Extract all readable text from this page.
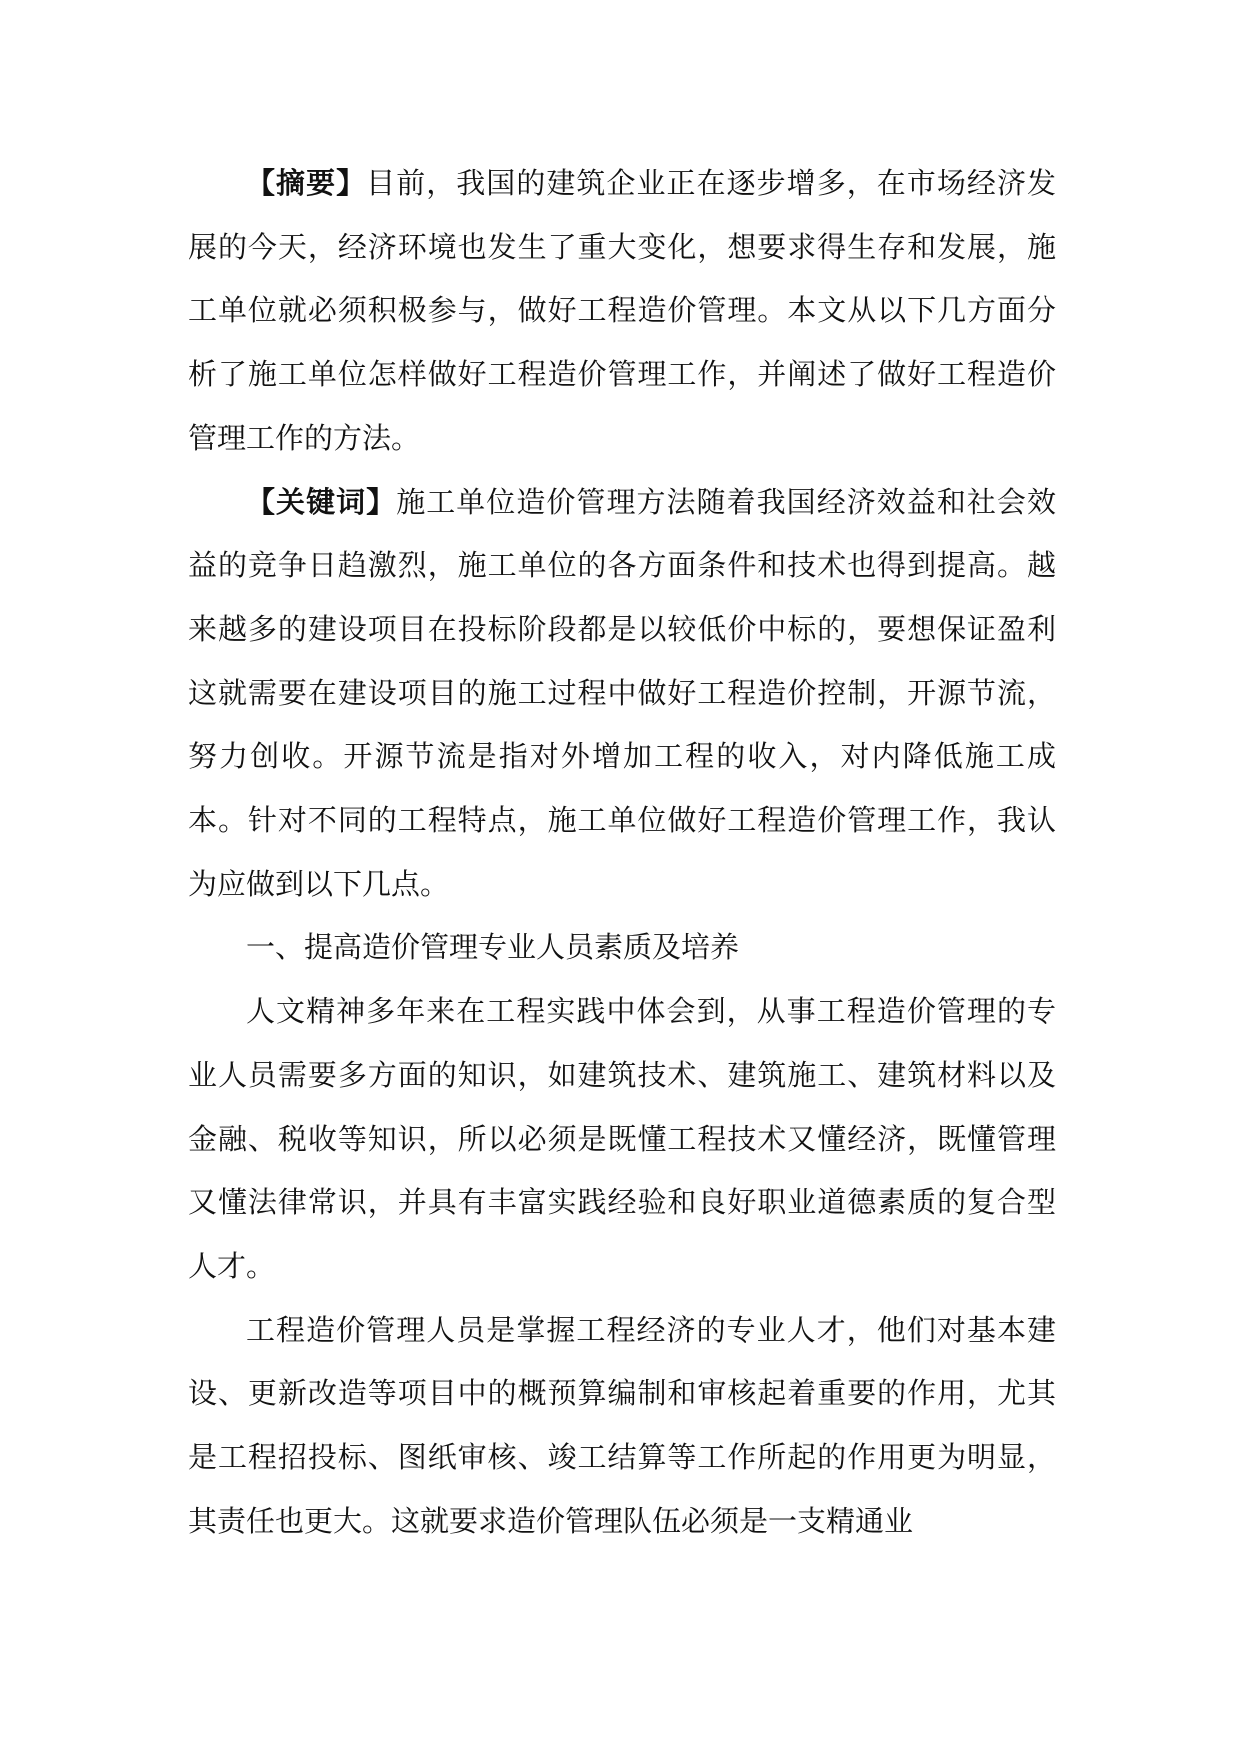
【摘要】目前，我国的建筑企业正在逐步增多，在市场经济发展的今天，经济环境也发生了重大变化，想要求得生存和发展，施工单位就必须积极参与，做好工程造价管理。本文从以下几方面分析了施工单位怎样做好工程造价管理工作，并阐述了做好工程造价管理工作的方法。

【关键词】施工单位造价管理方法随着我国经济效益和社会效益的竞争日趋激烈，施工单位的各方面条件和技术也得到提高。越来越多的建设项目在投标阶段都是以较低价中标的，要想保证盈利这就需要在建设项目的施工过程中做好工程造价控制，开源节流，努力创收。开源节流是指对外增加工程的收入，对内降低施工成本。针对不同的工程特点，施工单位做好工程造价管理工作，我认为应做到以下几点。

一、提高造价管理专业人员素质及培养

人文精神多年来在工程实践中体会到，从事工程造价管理的专业人员需要多方面的知识，如建筑技术、建筑施工、建筑材料以及金融、税收等知识，所以必须是既懂工程技术又懂经济，既懂管理又懂法律常识，并具有丰富实践经验和良好职业道德素质的复合型人才。

工程造价管理人员是掌握工程经济的专业人才，他们对基本建设、更新改造等项目中的概预算编制和审核起着重要的作用，尤其是工程招投标、图纸审核、竣工结算等工作所起的作用更为明显，其责任也更大。这就要求造价管理队伍必须是一支精通业
